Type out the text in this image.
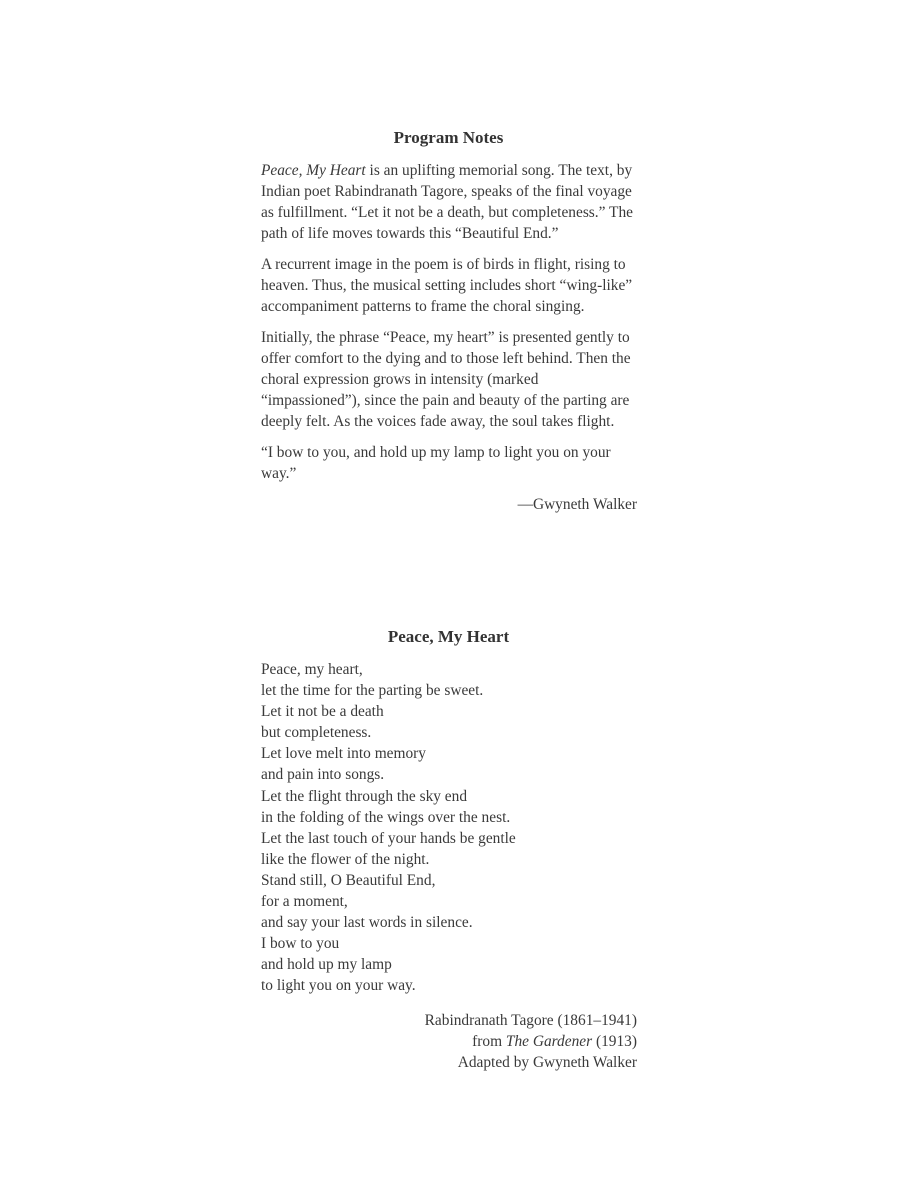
Program Notes

Peace, My Heart is an uplifting memorial song. The text, by Indian poet Rabindranath Tagore, speaks of the final voyage as fulfillment. “Let it not be a death, but completeness.” The path of life moves towards this “Beautiful End.”

A recurrent image in the poem is of birds in flight, rising to heaven. Thus, the musical setting includes short “wing-like” accompaniment patterns to frame the choral singing.

Initially, the phrase “Peace, my heart” is presented gently to offer comfort to the dying and to those left behind. Then the choral expression grows in intensity (marked “impassioned”), since the pain and beauty of the parting are deeply felt. As the voices fade away, the soul takes flight.

“I bow to you, and hold up my lamp to light you on your way.”

—Gwyneth Walker
Peace, My Heart
Peace, my heart,
let the time for the parting be sweet.
Let it not be a death
but completeness.
Let love melt into memory
and pain into songs.
Let the flight through the sky end
in the folding of the wings over the nest.
Let the last touch of your hands be gentle
like the flower of the night.
Stand still, O Beautiful End,
for a moment,
and say your last words in silence.
I bow to you
and hold up my lamp
to light you on your way.
Rabindranath Tagore (1861–1941)
from The Gardener (1913)
Adapted by Gwyneth Walker
